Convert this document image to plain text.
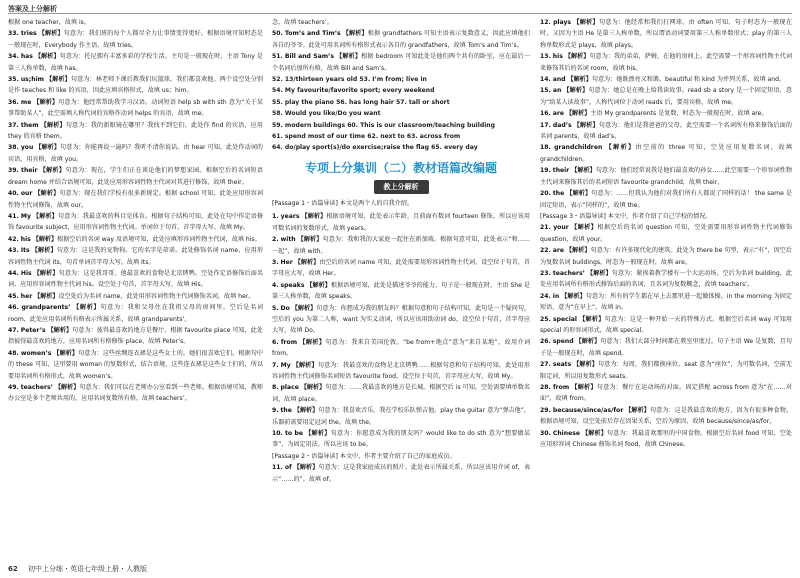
答案及上分解析

根据 one teacher，故填 is。

33. tries 【解析】句意为：我们班的每个人都尽全力让事情变得更好。根据语境可知时态是一般现在时，Everybody 作主语，故填 tries。

34. has 【解析】句意为：托尼拥有丰富多彩的学校生活。主句是一般现在时，主语 Tony 是第三人称单数，故填 has。

35. us;him 【解析】句意为：林老师下课后教我们玩篮球。我们都喜欢他。两个设空处分别是作 teaches 和 like 的宾语，因此应填宾格形式，故填 us；him。

36. me 【解析】句意为：他经常帮助我学习汉语。动词短语 help sb with sth 意为“关于某事帮助某人”，此空需填人称代词的宾格作动词 helps 的宾语，故填 me。

37. them 【解析】句意为：我的新眼镜在哪里？我找不到它们。此处作 find 的宾语，应用 they 的宾格 them。

38. you 【解析】句意为：你能再说一遍吗？我听不清你说话。由 hear 可知，此处作动词的宾语，用宾格，故填 you。

39. their 【解析】句意为：现在，学生们正在谈论他们的梦想家园。根据空后的名词短语 dream home 并结合语境可知，此处应用形容词性物主代词对其进行修饰，故填 their。

40. our 【解析】句意为：现在我们学校有很多新规定。根据 school 可知，此处应用形容词性物主代词修饰，故填 our。

41. My 【解析】句意为：我最喜欢的科目是体育。根据句子结构可知，此处在句中作定语修饰 favourite subject，应用形容词性物主代词。单词位于句首，首字母大写。故填 My。

42. his 【解析】根据空后的名词 way 及语境可知，此处应填形容词性物主代词，故填 his。

43. Its 【解析】句意为：这是我的宠物狗。它的名字是蒂诺。此处修饰名词 name，应用形容词性物主代词 its，句首单词首字母大写。故填 Its。

44. His 【解析】句意为：这是我哥哥。他最喜欢的食物是北京烤鸭。空处作定语修饰后面名词，应用形容词性物主代词 his。设空处于句首，首字母大写，故填 His。

45. her 【解析】设空处后为名词 name，此处用形容词性物主代词修饰名词，故填 her。

46. grandparents’ 【解析】句意为：我和父母住在我祖父母的房间里。空后是名词 room，此处应用名词所有格表示所属关系，故填 grandparents’。

47. Peter’s 【解析】句意为：彼得最喜欢的地方是餐厅。根据 favourite place 可知，此处指彼得最喜欢的地方，应用名词所有格修饰 place，故填 Peter’s。

48. women’s 【解析】句意为：这些丝绸连衣裙是这些女士的。她们很喜欢它们。根据句中的 these 可知，这里要用 woman 的复数形式，结合语境，这些连衣裙是这些女士们的，所以要用名词所有格形式，故填 women’s。

49. teachers’ 【解析】句意为：我们可以在老师办公室看到一些老师。根据语境可知，教师办公室是多个老师共用的，应用名词复数所有格，故填 teachers’。

念，故填 teachers’。

50. Tom’s and Tim’s 【解析】根据 grandfathers 可知主语表示复数意义，因此应填他们各自的爷爷。此处可用名词所有格形式表示各自的 grandfathers，故填 Tom’s and Tim’s。

51. Bill and Sam’s 【解析】根据 bedroom 可知此处是他们两个共有的卧室，应在最后一个名词后加所有格，故填 Bill and Sam’s。

52. 13/thirteen years old 53. I’m from; live in

54. My favourite/favorite sport; every weekend

55. play the piano 56. has long hair 57. tall or short

58. Would you like/Do you want

59. modern buildings 60. This is our classroom/teaching building

61. spend most of our time 62. next to 63. across from

64. do/play sport(s)/do exercise;raise the flag 65. every day

专项上分集训（二）教材语篇改编题
教上分解析

[Passage 1・语篇导读] 本文是两个人的自我介绍。

1. years 【解析】根据语境可知，此处表示年龄，且前面有数词 fourteen 修饰，所以应该用可数名词的复数形式，故填 years。

2. with 【解析】句意为：我和我的大家庭一起住在新加坡。根据句意可知，此处表示“和……一起”，故填 with。

3. Her 【解析】由空后的名词 name 可知，此处需要用形容词性物主代词，设空位于句首，首字母应大写，故填 Her。

4. speaks 【解析】根据语境可知，此处是描述爷爷的能力，句子是一般现在时，主语 She 是第三人称单数，故填 speaks。

5. Do 【解析】句意为：你想成为我的朋友吗？根据句意和句子结构可知，此句是一个疑问句，空后的 you 为第二人称，want 为实义动词，所以应该用助动词 do，设空位于句首，首字母应大写，故填 Do。

6. from 【解析】句意为：我来自美国伦敦。“be from+地点”意为“来自某地”，故用介词 from。

7. My 【解析】句意为：我最喜欢的食物是北京烤鸭……根据句意和句子结构可知，此处用形容词性物主代词修饰名词短语 favourite food，设空位于句首，首字母应大写，故填 My。

8. place 【解析】句意为：……我最喜欢的地方是长城。根据空后 is 可知，空处需要填单数名词，故填 place。

9. the 【解析】句意为：我喜欢音乐，我在学校乐队弹吉他。play the guitar 意为“弹吉他”，乐器前需要用定冠词 the。故填 the。

10. to be 【解析】句意为：你愿意成为我的朋友吗？would like to do sth 意为“想要做某事”，为固定用法，所以应该 to be。

[Passage 2・语篇导读] 本文中，作者主要介绍了自己的家庭成员。

11. of 【解析】句意为：这是我家庭成员的照片。此处表示所属关系，所以应该用介词 of，表示“……的”。故填 of。

12. plays 【解析】句意为：他经常和我们打网球。由 often 可知，句子时态为一般现在时，又因为主语 He 是第三人称单数，所以谓语动词要用第三人称单数形式；play 的第三人称单数形式是 plays，故填 plays。

13. his 【解析】句意为：我的弟弟，萨姆，在他的房间上。此空需要一个形容词性物主代词来修饰其后的名词 room，故填 his。

14. and 【解析】句意为：她既漂亮又和蔼。beautiful 和 kind 为并列关系，故填 and。

15. an 【解析】句意为：她总是在晚上给我读故事。read sb a story 是一个固定短语，意为“给某人读故事”，人称代词位于动词 reads 后，要用宾格，故填 me。

16. are 【解析】主语 My grandparents 是复数，时态为一般现在时，故填 are。

17. dad’s 【解析】句意为：他们是我爸爸的父母。此空需要一个名词所有格来修饰后面的名词 parents，故填 dad’s。

18. grandchildren 【解析】由空前的 three 可知，空处应用复数名词，故填 grandchildren。

19. their 【解析】句意为：他们经常说我是他们最喜欢的孙女……此空需要一个形容词性物主代词来修饰其后的名词短语 favourite grandchild，故填 their。

20. the 【解析】句意为：……但我认为他们对我们所有人都说了同样的话！ the same 是固定短语，表示“同样的”，故填 the。

[Passage 3・语篇导读] 本文中，作者介绍了自己学校的情况。

21. your 【解析】根据空后的名词 question 可知，空处需要用形容词性物主代词修饰 question，故填 your。

22. are 【解析】句意为：有许多现代化的建筑。此处为 there be 句型，表示“有”，因空后为复数名词 buildings，时态为一般现在时，故填 are。

23. teachers’ 【解析】句意为：紧挨着教学楼有一个大运动场。空后为名词 building，此处应用名词所有格形式修饰后面的名词，且名词为复数概念，故填 teachers’。

24. in 【解析】句意为：所有的学生都在早上去那里进一起做体操。in the morning 为固定短语，意为“在早上”，故填 in。

25. special 【解析】句意为：这是一种开始一天的特殊方式。根据空后名词 way 可知用 special 的形容词形式，故填 special。

26. spend 【解析】句意为：我们大部分时间都在教室里度过。句子主语 We 是复数，且句子是一般现在时，故填 spend。

27. seats 【解析】句意为：每周，我们都换座位。seat 意为“座位”，为可数名词，空前无限定词，所以用复数形式 seats。

28. from 【解析】句意为：餐厅在运动场的对面。固定搭配 across from 意为“在……对面”，故填 from。

29. because/since/as/for 【解析】句意为：这是我最喜欢的地方，因为有很多种食物。根据语境可知，设空处前后存在因果关系，空后为原因，故填 because/since/as/for。

30. Chinese 【解析】句意为：我最喜欢那里的中国食物。根据空后名词 food 可知，空处应用形容词 Chinese 修饰名词 food，故填 Chinese。

62 初中上分练・英语七年级上册・人教版
